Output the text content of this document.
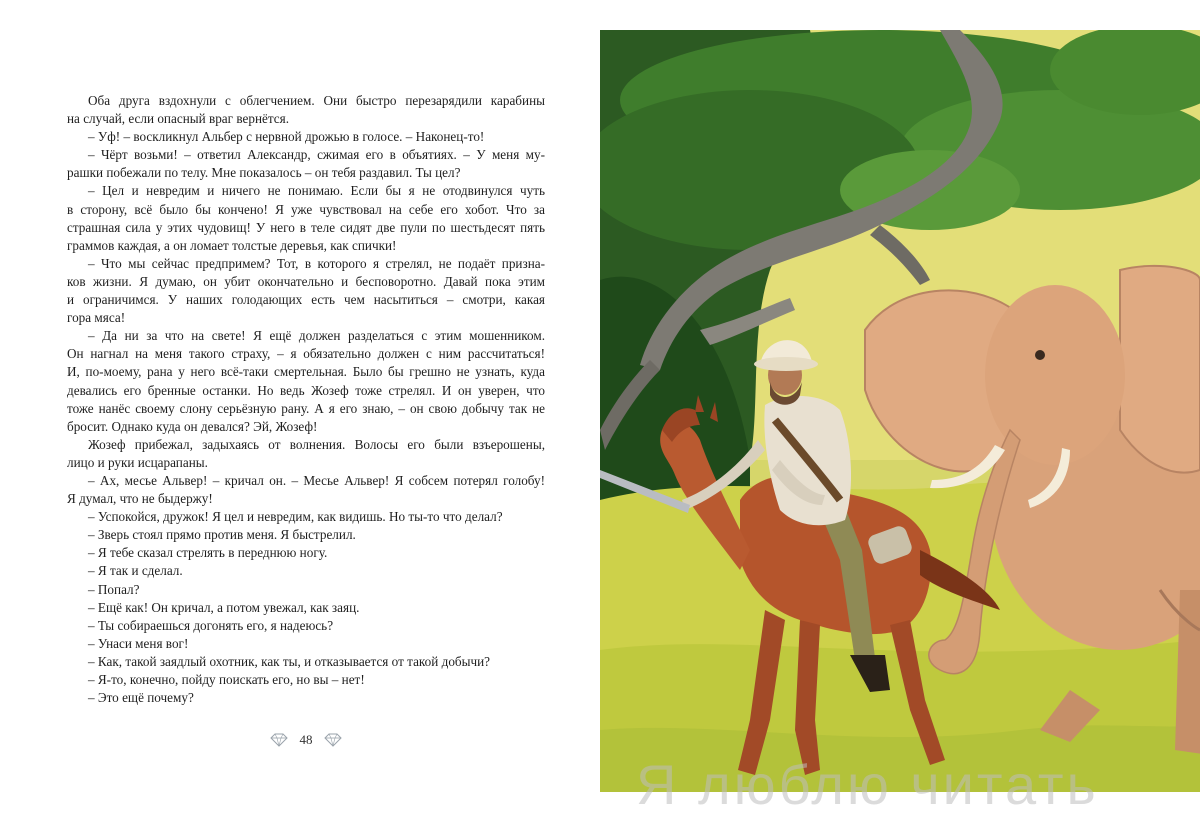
Оба друга вздохнули с облегчением. Они быстро перезарядили карабины
на случай, если опасный враг вернётся.
– Уф! – воскликнул Альбер с нервной дрожью в голосе. – Наконец-то!
– Чёрт возьми! – ответил Александр, сжимая его в объятиях. – У меня му-
рашки побежали по телу. Мне показалось – он тебя раздавил. Ты цел?
– Цел и невредим и ничего не понимаю. Если бы я не отодвинулся чуть
в сторону, всё было бы кончено! Я уже чувствовал на себе его хобот. Что за
страшная сила у этих чудовищ! У него в теле сидят две пули по шестьдесят пять
граммов каждая, а он ломает толстые деревья, как спички!
– Что мы сейчас предпримем? Тот, в которого я стрелял, не подаёт призна-
ков жизни. Я думаю, он убит окончательно и бесповоротно. Давай пока этим
и ограничимся. У наших голодающих есть чем насытиться – смотри, какая
гора мяса!
– Да ни за что на свете! Я ещё должен разделаться с этим мошенником.
Он нагнал на меня такого страху, – я обязательно должен с ним рассчитаться!
И, по-моему, рана у него всё-таки смертельная. Было бы грешно не узнать, куда
девались его бренные останки. Но ведь Жозеф тоже стрелял. И он уверен, что
тоже нанёс своему слону серьёзную рану. А я его знаю, – он свою добычу так не
бросит. Однако куда он девался? Эй, Жозеф!
Жозеф прибежал, задыхаясь от волнения. Волосы его были взъерошены,
лицо и руки исцарапаны.
– Ах, месье Альвер! – кричал он. – Месье Альвер! Я собсем потерял голобу!
Я думал, что не быдержу!
– Успокойся, дружок! Я цел и невредим, как видишь. Но ты-то что делал?
– Зверь стоял прямо против меня. Я быстрелил.
– Я тебе сказал стрелять в переднюю ногу.
– Я так и сделал.
– Попал?
– Ещё как! Он кричал, а потом увежал, как заяц.
– Ты собираешься догонять его, я надеюсь?
– Унаси меня вог!
– Как, такой заядлый охотник, как ты, и отказывается от такой добычи?
– Я-то, конечно, пойду поискать его, но вы – нет!
– Это ещё почему?
48
Я люблю читать
